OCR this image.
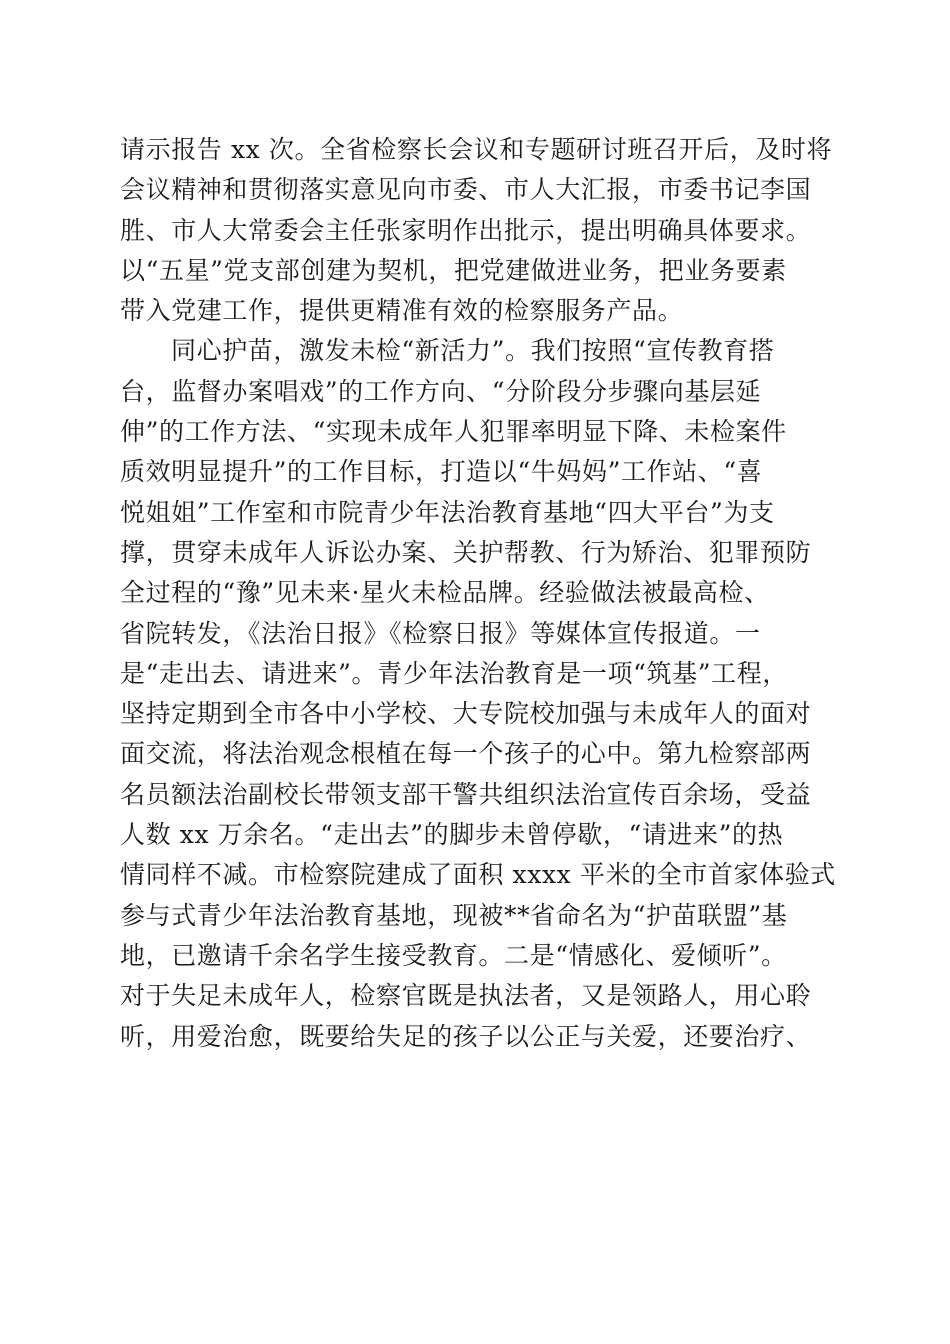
请示报告 xx 次。全省检察长会议和专题研讨班召开后，及时将
会议精神和贯彻落实意见向市委、市人大汇报，市委书记李国
胜、市人大常委会主任张家明作出批示，提出明确具体要求。
以“五星”党支部创建为契机，把党建做进业务，把业务要素
带入党建工作，提供更精准有效的检察服务产品。
同心护苗，激发未检“新活力”。我们按照“宣传教育搭
台，监督办案唱戏”的工作方向、“分阶段分步骤向基层延
伸”的工作方法、“实现未成年人犯罪率明显下降、未检案件
质效明显提升”的工作目标，打造以“牛妈妈”工作站、“喜
悦姐姐”工作室和市院青少年法治教育基地“四大平台”为支
撑，贯穿未成年人诉讼办案、关护帮教、行为矫治、犯罪预防
全过程的“豫”见未来·星火未检品牌。经验做法被最高检、
省院转发，《法治日报》《检察日报》等媒体宣传报道。一
是“走出去、请进来”。青少年法治教育是一项“筑基”工程，
坚持定期到全市各中小学校、大专院校加强与未成年人的面对
面交流，将法治观念根植在每一个孩子的心中。第九检察部两
名员额法治副校长带领支部干警共组织法治宣传百余场，受益
人数 xx 万余名。“走出去”的脚步未曾停歇，“请进来”的热
情同样不减。市检察院建成了面积 xxxx 平米的全市首家体验式
参与式青少年法治教育基地，现被**省命名为“护苗联盟”基
地，已邀请千余名学生接受教育。二是“情感化、爱倾听”。
对于失足未成年人，检察官既是执法者，又是领路人，用心聆
听，用爱治愈，既要给失足的孩子以公正与关爱，还要治疗、
